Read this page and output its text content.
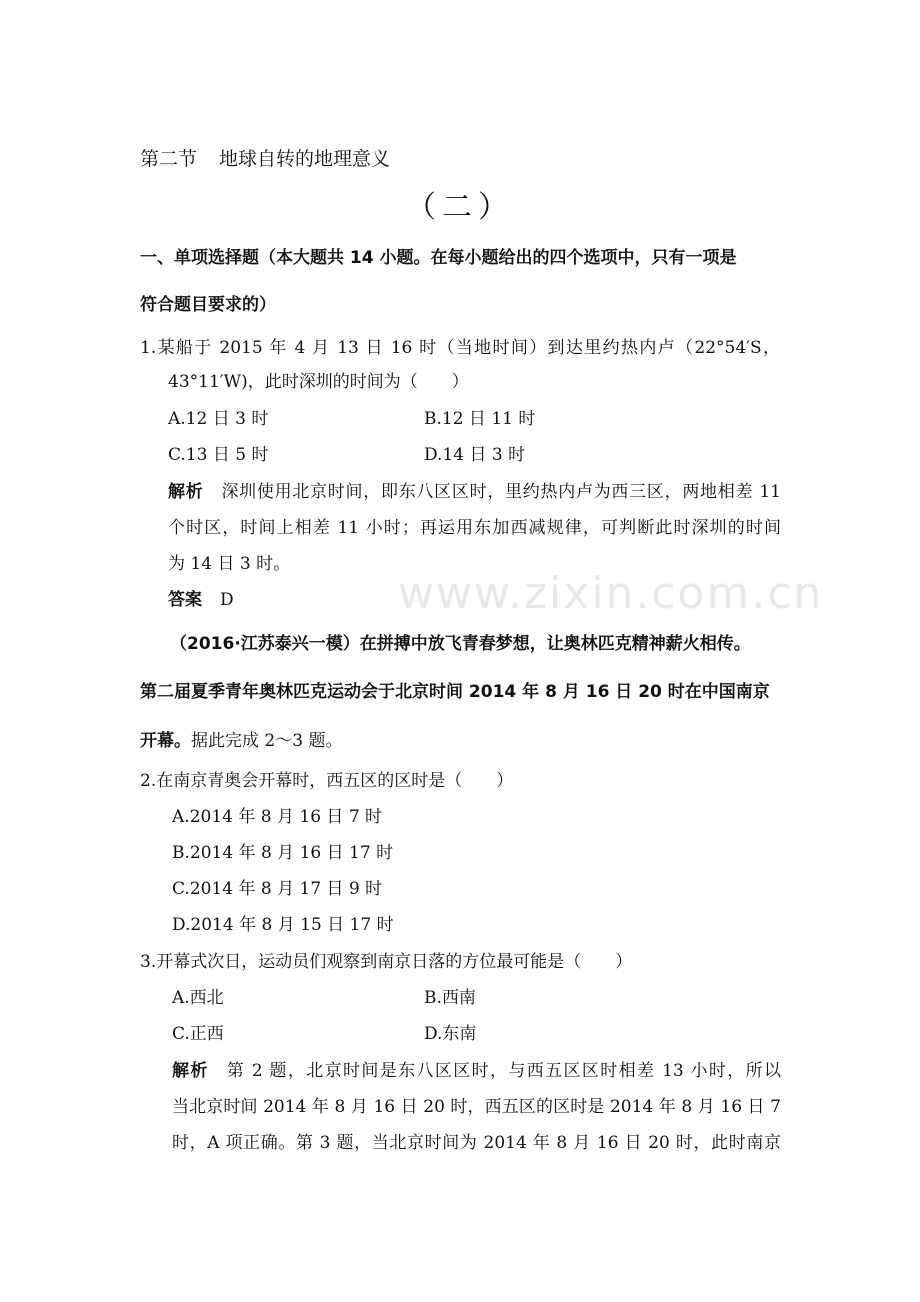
www.zixin.com.cn
第二节 地球自转的地理意义
（二）
一、单项选择题（本大题共 14 小题。在每小题给出的四个选项中，只有一项是
符合题目要求的）
1.某船于 2015 年 4 月 13 日 16 时（当地时间）到达里约热内卢（22°54′S，
43°11′W)，此时深圳的时间为（　　）
A.12 日 3 时	B.12 日 11 时
C.13 日 5 时	D.14 日 3 时
解析 深圳使用北京时间，即东八区区时，里约热内卢为西三区，两地相差 11
个时区，时间上相差 11 小时；再运用东加西减规律，可判断此时深圳的时间
为 14 日 3 时。
答案 D
（2016·江苏泰兴一模）在拼搏中放飞青春梦想，让奥林匹克精神薪火相传。
第二届夏季青年奥林匹克运动会于北京时间 2014 年 8 月 16 日 20 时在中国南京
开幕。据此完成 2～3 题。
2.在南京青奥会开幕时，西五区的区时是（　　）
A.2014 年 8 月 16 日 7 时
B.2014 年 8 月 16 日 17 时
C.2014 年 8 月 17 日 9 时
D.2014 年 8 月 15 日 17 时
3.开幕式次日，运动员们观察到南京日落的方位最可能是（　　）
A.西北	B.西南
C.正西	D.东南
解析 第 2 题，北京时间是东八区区时，与西五区区时相差 13 小时，所以
当北京时间 2014 年 8 月 16 日 20 时，西五区的区时是 2014 年 8 月 16 日 7
时，A 项正确。第 3 题，当北京时间为 2014 年 8 月 16 日 20 时，此时南京
